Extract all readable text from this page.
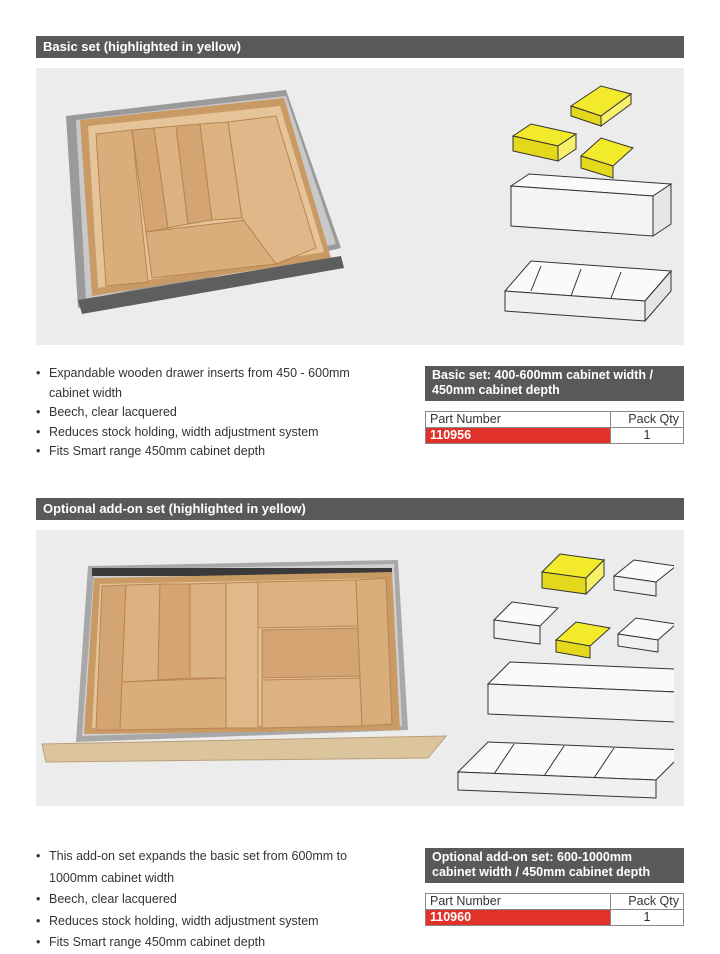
Basic set (highlighted in yellow)
• Expandable wooden drawer inserts from 450 - 600mm cabinet width
• Beech, clear lacquered
• Reduces stock holding, width adjustment system
• Fits Smart range 450mm cabinet depth
Basic set: 400-600mm cabinet width / 450mm cabinet depth
Part Number	Pack Qty
110956	1
Optional add-on set (highlighted in yellow)
• This add-on set expands the basic set from 600mm to 1000mm cabinet width
• Beech, clear lacquered
• Reduces stock holding, width adjustment system
• Fits Smart range 450mm cabinet depth
Optional add-on set: 600-1000mm cabinet width / 450mm cabinet depth
Part Number	Pack Qty
110960	1
